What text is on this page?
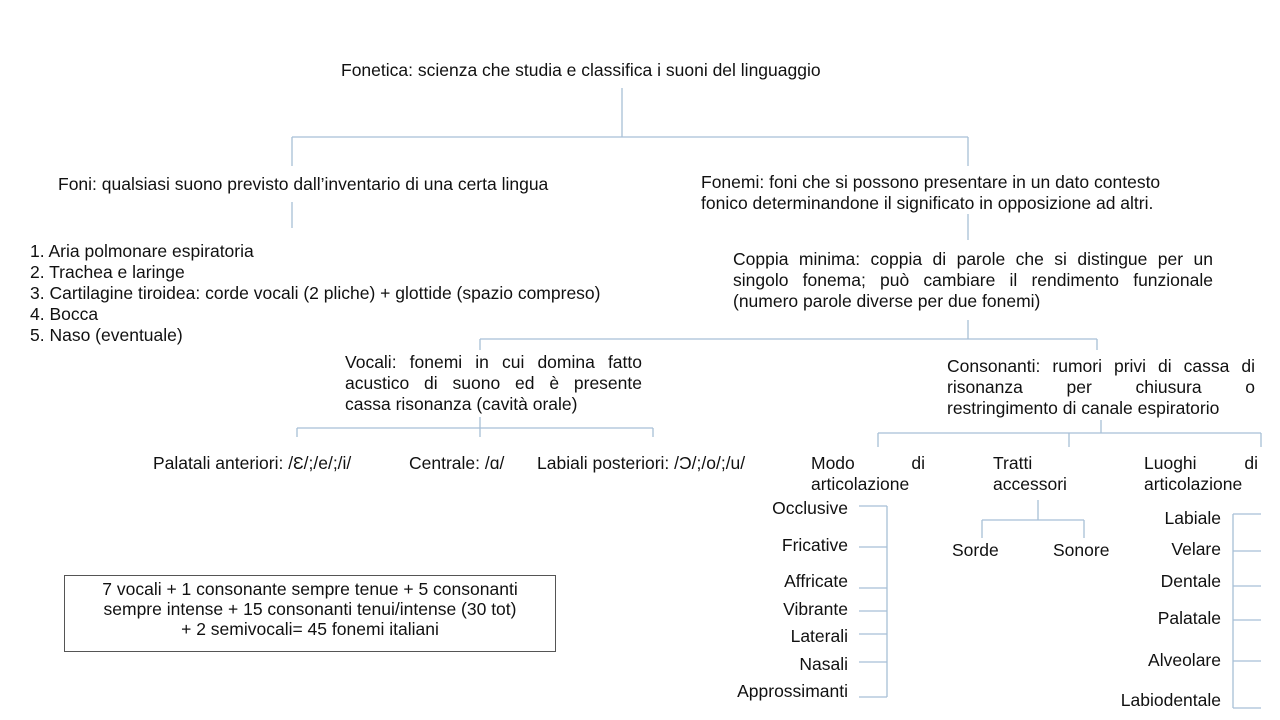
Fonetica: scienza che studia e classifica i suoni del linguaggio
Foni: qualsiasi suono previsto dall’inventario di una certa lingua
1. Aria polmonare espiratoria
2. Trachea e laringe
3. Cartilagine tiroidea: corde vocali (2 pliche) + glottide (spazio compreso)
4. Bocca
5. Naso (eventuale)
Fonemi: foni che si possono presentare in un dato contesto
fonico determinandone il significato in opposizione ad altri.
Coppia minima: coppia di parole che si distingue per un
singolo fonema; può cambiare il rendimento funzionale
(numero parole diverse per due fonemi)
Vocali: fonemi in cui domina fatto
acustico di suono ed è presente
cassa risonanza (cavità orale)
Palatali anteriori: /Ɛ/;/e/;/i/	Centrale: /ɑ/ Labiali posteriori: /Ɔ/;/o/;/u/
Consonanti: rumori privi di cassa di
risonanza per chiusura o
restringimento di canale espiratorio
Modo di
articolazione
Occlusive
Fricative
Affricate
Vibrante
Laterali
Nasali
Approssimanti
Tratti
accessori
Sorde	Sonore
Luoghi di
articolazione
Labiale
Velare
Dentale
Palatale
Alveolare
Labiodentale
7 vocali + 1 consonante sempre tenue + 5 consonanti
sempre intense + 15 consonanti tenui/intense (30 tot)
+ 2 semivocali= 45 fonemi italiani
